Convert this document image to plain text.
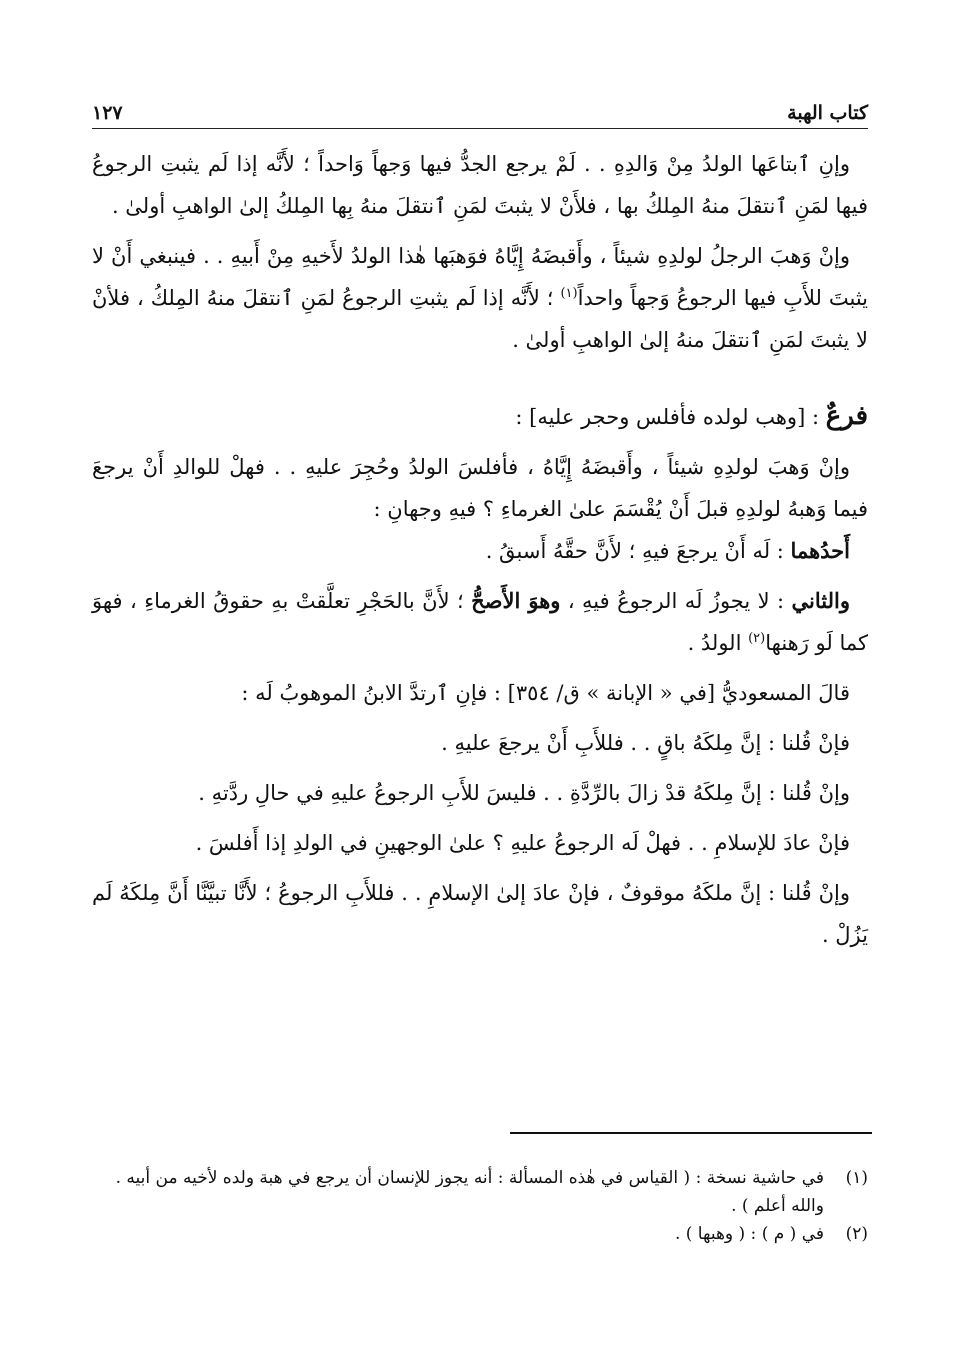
كتاب الهبة
١٢٧

وإنِ ٱبتاعَها الولدُ مِنْ وَالدِهِ . . لَمْ يرجع الجدُّ فيها وَجهاً وَاحداً ؛ لأَنَّه إذا لَم يثبتِ الرجوعُ فيها لمَنِ ٱنتقلَ منهُ المِلكُ بها ، فلأَنْ لا يثبتَ لمَنِ ٱنتقلَ منهُ بِها المِلكُ إلىٰ الواهبِ أولىٰ .

وإنْ وَهبَ الرجلُ لولدِهِ شيئاً ، وأَقبضَهُ إِيَّاهُ فوَهبَها هٰذا الولدُ لأَخيهِ مِنْ أَبيهِ . . فينبغي أَنْ لا يثبتَ للأَبِ فيها الرجوعُ وَجهاً واحداً$^{(١)}$ ؛ لأَنَّه إذا لَم يثبتِ الرجوعُ لمَنِ ٱنتقلَ منهُ المِلكُ ، فلأنْ لا يثبتَ لمَنِ ٱنتقلَ منهُ إلىٰ الواهبِ أولىٰ .

فرعٌ : [وهب لولده فأفلس وحجر عليه] :

وإنْ وَهبَ لولدِهِ شيئاً ، وأَقبضَهُ إِيَّاهُ ، فأفلسَ الولدُ وحُجِرَ عليهِ . . فهلْ للوالدِ أَنْ يرجعَ فيما وَهبهُ لولدِهِ قبلَ أَنْ يُقْسَمَ علىٰ الغرماءِ ؟ فيهِ وجهانِ :

أَحدُهما : لَه أَنْ يرجعَ فيهِ ؛ لأَنَّ حقَّهُ أَسبقُ .

والثاني : لا يجوزُ لَه الرجوعُ فيهِ ، وهوَ الأَصحُّ ؛ لأَنَّ بالحَجْرِ تعلَّقتْ بهِ حقوقُ الغرماءِ ، فهوَ كما لَو رَهنها$^{(٢)}$ الولدُ .

قالَ المسعوديُّ [في « الإبانة » ق/ ٣٥٤] : فإنِ ٱرتدَّ الابنُ الموهوبُ لَه :

فإنْ قُلنا : إنَّ مِلكَهُ باقٍ . . فللأَبِ أَنْ يرجعَ عليهِ .

وإنْ قُلنا : إنَّ مِلكَهُ قدْ زالَ بالرِّدَّةِ . . فليسَ للأَبِ الرجوعُ عليهِ في حالِ ردَّتهِ .

فإنْ عادَ للإسلامِ . . فهلْ لَه الرجوعُ عليهِ ؟ علىٰ الوجهينِ في الولدِ إذا أَفلسَ .

وإنْ قُلنا : إنَّ ملكَهُ موقوفٌ ، فإنْ عادَ إلىٰ الإسلامِ . . فللأَبِ الرجوعُ ؛ لأَنَّا تبيَّنَّا أَنَّ مِلكَهُ لَم يَزُلْ .

(١)
في حاشية نسخة : ( القياس في هٰذه المسألة : أنه يجوز للإنسان أن يرجع في هبة ولده لأخيه من أبيه . والله أعلم ) .
(٢)
في ( م ) : ( وهبها ) .
